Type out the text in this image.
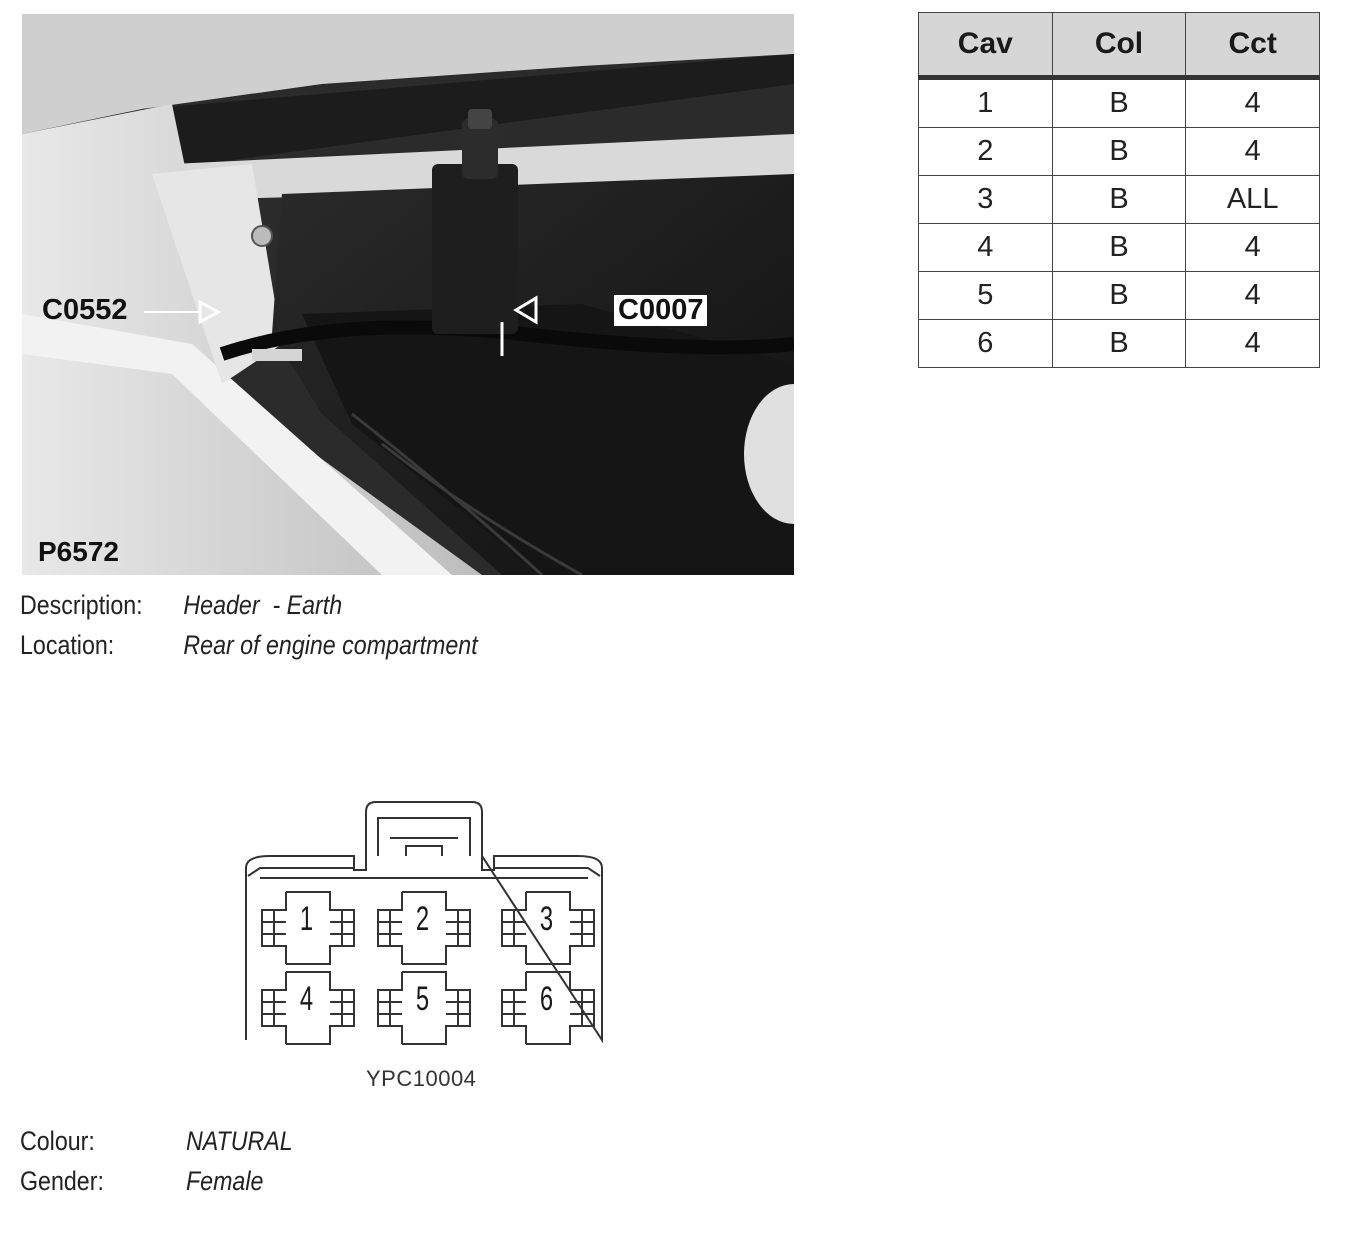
C0552	C0007
P6572
Description: Header  - Earth
Location:	Rear of engine compartment
Cav	Col	Cct
1	B	4
2	B	4
3	B	ALL
4	B	4
5	B	4
6	B	4
1	2	3
4	5	6
YPC10004
Colour:	NATURAL
Gender:	Female
